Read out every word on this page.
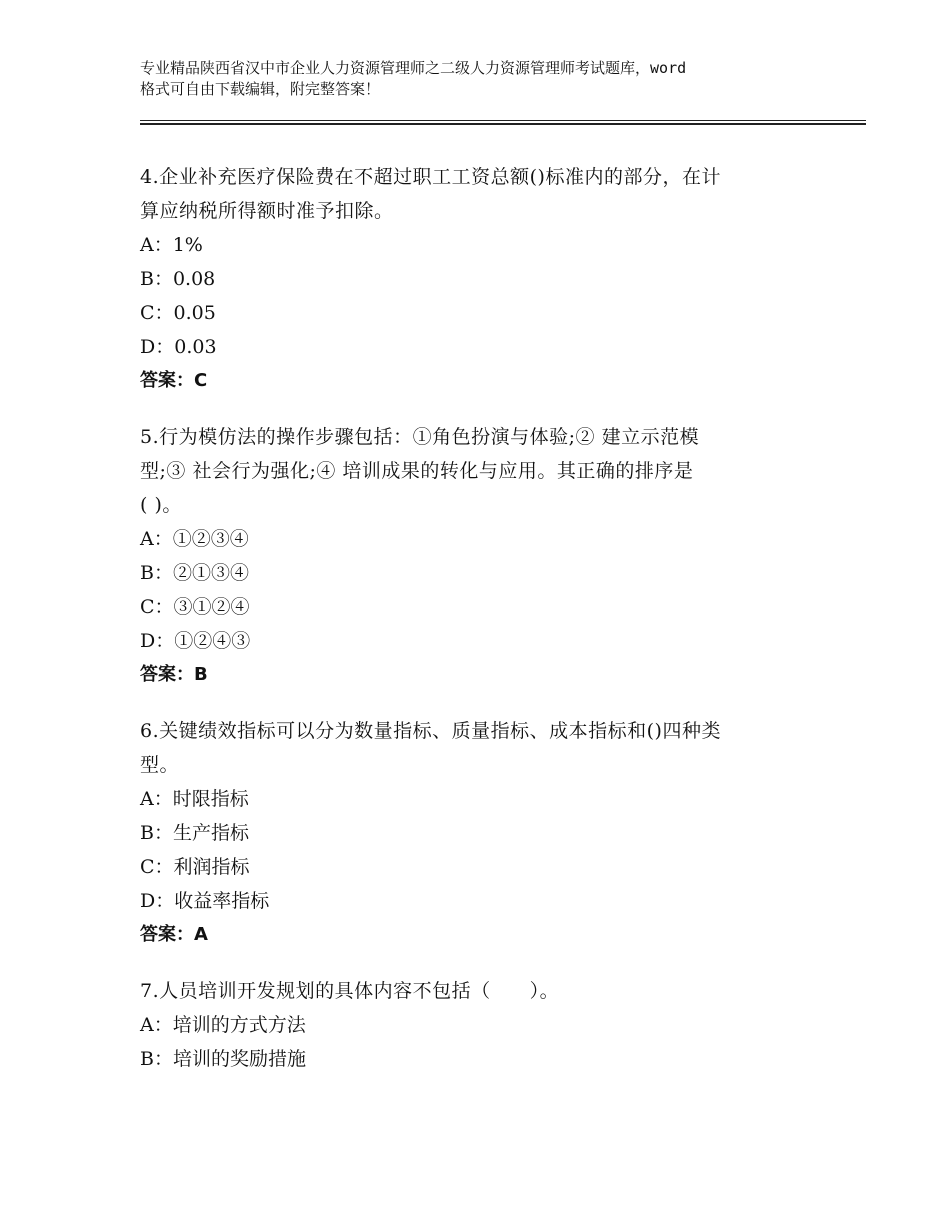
专业精品陕西省汉中市企业人力资源管理师之二级人力资源管理师考试题库，word
格式可自由下载编辑，附完整答案！
4.企业补充医疗保险费在不超过职工工资总额()标准内的部分，在计
算应纳税所得额时准予扣除。
A：1%
B：0.08
C：0.05
D：0.03
答案：C
5.行为模仿法的操作步骤包括：①角色扮演与体验;② 建立示范模
型;③ 社会行为强化;④ 培训成果的转化与应用。其正确的排序是
( )。
A：①②③④
B：②①③④
C：③①②④
D：①②④③
答案：B
6.关键绩效指标可以分为数量指标、质量指标、成本指标和()四种类
型。
A：时限指标
B：生产指标
C：利润指标
D：收益率指标
答案：A
7.人员培训开发规划的具体内容不包括（　　）。
A：培训的方式方法
B：培训的奖励措施
